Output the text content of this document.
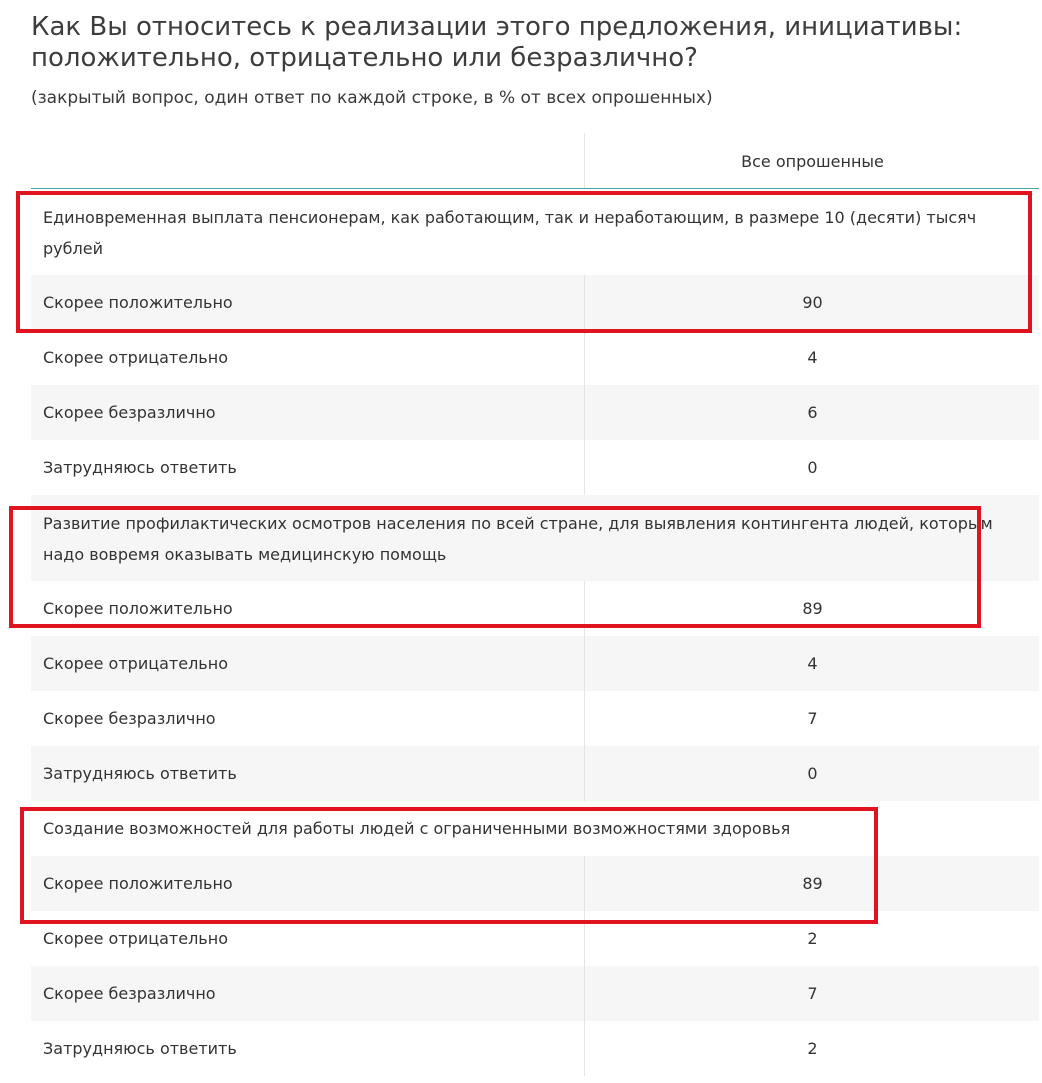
Как Вы относитесь к реализации этого предложения, инициативы: положительно, отрицательно или безразлично?
(закрытый вопрос, один ответ по каждой строке, в % от всех опрошенных)
Все опрошенные
Единовременная выплата пенсионерам, как работающим, так и неработающим, в размере 10 (десяти) тысяч рублей
Скорее положительно	90
Скорее отрицательно	4
Скорее безразлично	6
Затрудняюсь ответить	0
Развитие профилактических осмотров населения по всей стране, для выявления контингента людей, которым надо вовремя оказывать медицинскую помощь
Скорее положительно	89
Скорее отрицательно	4
Скорее безразлично	7
Затрудняюсь ответить	0
Создание возможностей для работы людей с ограниченными возможностями здоровья
Скорее положительно	89
Скорее отрицательно	2
Скорее безразлично	7
Затрудняюсь ответить	2
